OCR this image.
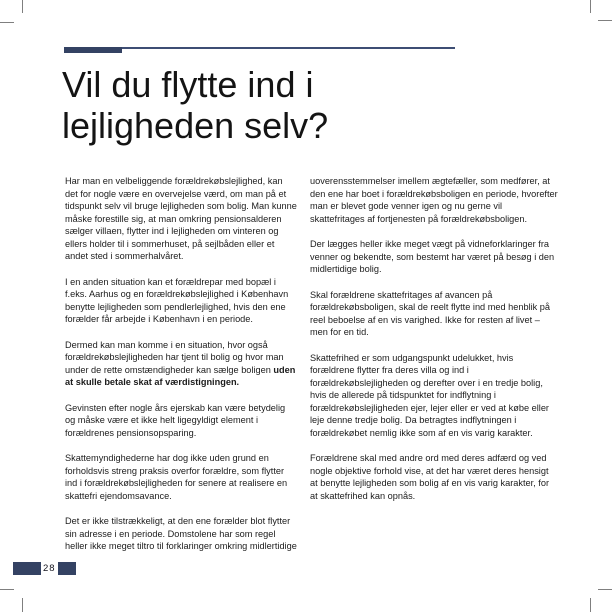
Vil du flytte ind i
lejligheden selv?

Har man en velbeliggende forældrekøbslejlighed, kan det for nogle være en overvejelse værd, om man på et tidspunkt selv vil bruge lejligheden som bolig. Man kunne måske forestille sig, at man omkring pensionsalderen sælger villaen, flytter ind i lejligheden om vinteren og ellers holder til i sommerhuset, på sejlbåden eller et andet sted i sommerhalvåret.

I en anden situation kan et forældrepar med bopæl i f.eks. Aarhus og en forældrekøbslejlighed i København benytte lejligheden som pendlerlejlighed, hvis den ene forælder får arbejde i København i en periode.

Dermed kan man komme i en situation, hvor også forældrekøbslejligheden har tjent til bolig og hvor man under de rette omstændigheder kan sælge boligen uden at skulle betale skat af værdistigningen.

Gevinsten efter nogle års ejerskab kan være betydelig og måske være et ikke helt ligegyldigt element i forældrenes pensionsopsparing.

Skattemyndighederne har dog ikke uden grund en forholdsvis streng praksis overfor forældre, som flytter ind i forældrekøbslejligheden for senere at realisere en skattefri ejendomsavance.

Det er ikke tilstrækkeligt, at den ene forælder blot flytter sin adresse i en periode. Domstolene har som regel heller ikke meget tiltro til forklaringer omkring midlertidige

uoverensstemmelser imellem ægtefæller, som medfører, at den ene har boet i forældrekøbsboligen en periode, hvorefter man er blevet gode venner igen og nu gerne vil skattefritages af fortjenesten på forældrekøbsboligen.

Der lægges heller ikke meget vægt på vidneforklaringer fra venner og bekendte, som bestemt har været på besøg i den midlertidige bolig.

Skal forældrene skattefritages af avancen på forældrekøbsboligen, skal de reelt flytte ind med henblik på reel beboelse af en vis varighed. Ikke for resten af livet – men for en tid.

Skattefrihed er som udgangspunkt udelukket, hvis forældrene flytter fra deres villa og ind i forældrekøbslejligheden og derefter over i en tredje bolig, hvis de allerede på tidspunktet for indflytning i forældrekøbslejligheden ejer, lejer eller er ved at købe eller leje denne tredje bolig. Da betragtes indflytningen i forældrekøbet nemlig ikke som af en vis varig karakter.

Forældrene skal med andre ord med deres adfærd og ved nogle objektive forhold vise, at det har været deres hensigt at benytte lejligheden som bolig af en vis varig karakter, for at skattefrihed kan opnås.

28
